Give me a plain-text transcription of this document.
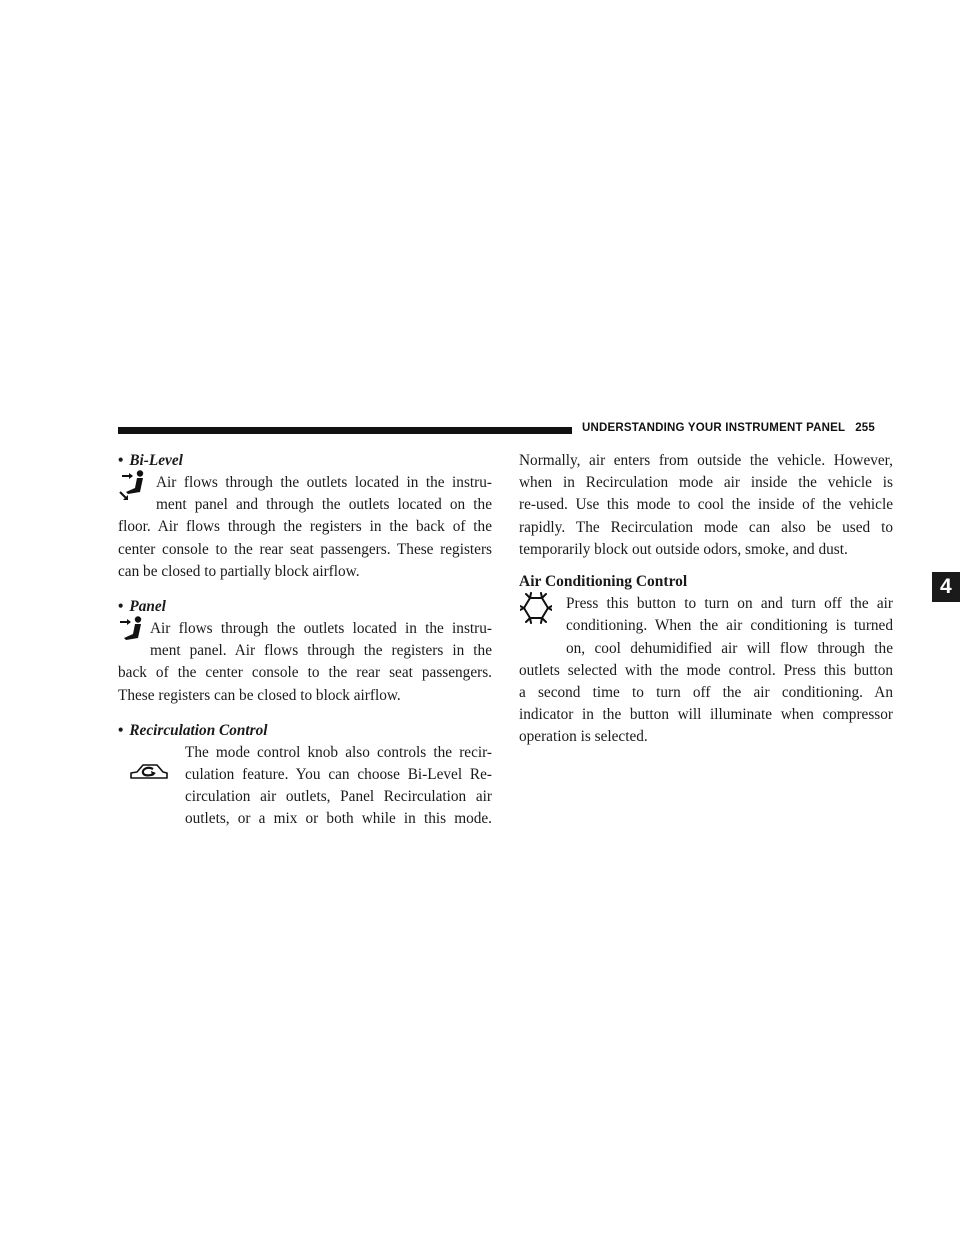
UNDERSTANDING YOUR INSTRUMENT PANEL 255
4
• Bi-Level
Air flows through the outlets located in the instru-
ment panel and through the outlets located on the
floor. Air flows through the registers in the back of the
center console to the rear seat passengers. These registers
can be closed to partially block airflow.
• Panel
Air flows through the outlets located in the instru-
ment panel. Air flows through the registers in the
back of the center console to the rear seat passengers.
These registers can be closed to block airflow.
• Recirculation Control
The mode control knob also controls the recir-
culation feature. You can choose Bi-Level Re-
circulation air outlets, Panel Recirculation air
outlets, or a mix or both while in this mode.
Normally, air enters from outside the vehicle. However,
when in Recirculation mode air inside the vehicle is
re-used. Use this mode to cool the inside of the vehicle
rapidly. The Recirculation mode can also be used to
temporarily block out outside odors, smoke, and dust.
Air Conditioning Control
Press this button to turn on and turn off the air
conditioning. When the air conditioning is turned
on, cool dehumidified air will flow through the
outlets selected with the mode control. Press this button
a second time to turn off the air conditioning. An
indicator in the button will illuminate when compressor
operation is selected.
